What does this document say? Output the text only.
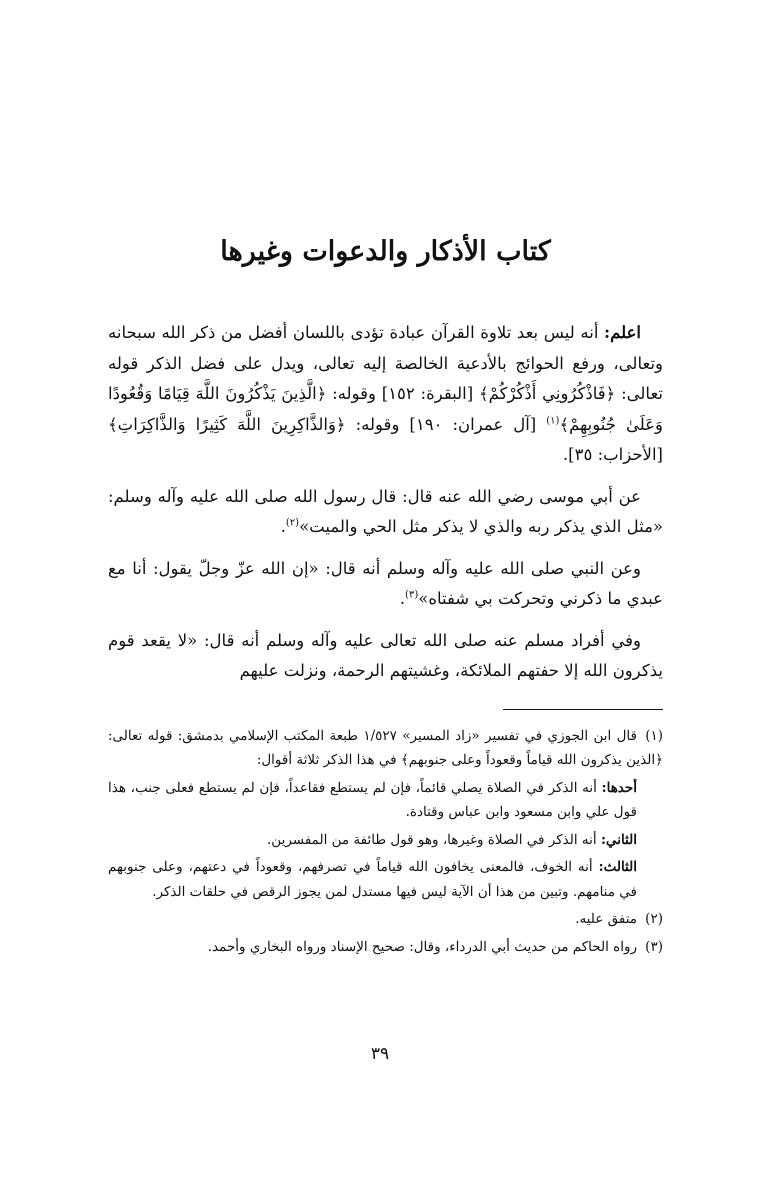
كتاب الأذكار والدعوات وغيرها

اعلم: أنه ليس بعد تلاوة القرآن عبادة تؤدى باللسان أفضل من ذكر الله سبحانه وتعالى، ورفع الحوائج بالأدعية الخالصة إليه تعالى، ويدل على فضل الذكر قوله تعالى: ﴿فَاذْكُرُونِي أَذْكُرْكُمْ﴾ [البقرة: ١٥٢] وقوله: ﴿الَّذِينَ يَذْكُرُونَ اللَّهَ قِيَامًا وَقُعُودًا وَعَلَىٰ جُنُوبِهِمْ﴾$^{(١)}$ [آل عمران: ١٩٠] وقوله: ﴿وَالذَّاكِرِينَ اللَّهَ كَثِيرًا وَالذَّاكِرَاتِ﴾ [الأحزاب: ٣٥].

عن أبي موسى رضي الله عنه قال: قال رسول الله صلى الله عليه وآله وسلم: «مثل الذي يذكر ربه والذي لا يذكر مثل الحي والميت»$^{(٢)}$.

وعن النبي صلى الله عليه وآله وسلم أنه قال: «إن الله عزّ وجلّ يقول: أنا مع عبدي ما ذكرني وتحركت بي شفتاه»$^{(٣)}$.

وفي أفراد مسلم عنه صلى الله تعالى عليه وآله وسلم أنه قال: «لا يقعد قوم يذكرون الله إلا حفتهم الملائكة، وغشيتهم الرحمة، ونزلت عليهم

(١)قال ابن الجوزي في تفسير «زاد المسير» ١/٥٢٧ طبعة المكتب الإسلامي بدمشق: قوله تعالى: ﴿الذين يذكرون الله قياماً وقعوداً وعلى جنوبهم﴾ في هذا الذكر ثلاثة أقوال:

أحدها: أنه الذكر في الصلاة يصلي قائماً، فإن لم يستطع فقاعداً، فإن لم يستطع فعلى جنب، هذا قول علي وابن مسعود وابن عباس وقتادة.

الثاني: أنه الذكر في الصلاة وغيرها، وهو قول طائفة من المفسرين.

الثالث: أنه الخوف، فالمعنى يخافون الله قياماً في تصرفهم، وقعوداً في دعتهم، وعلى جنوبهم في منامهم. وتبين من هذا أن الآية ليس فيها مستدل لمن يجوز الرقص في حلقات الذكر.

(٢)متفق عليه.

(٣)رواه الحاكم من حديث أبي الدرداء، وقال: صحيح الإسناد ورواه البخاري وأحمد.

٣٩
